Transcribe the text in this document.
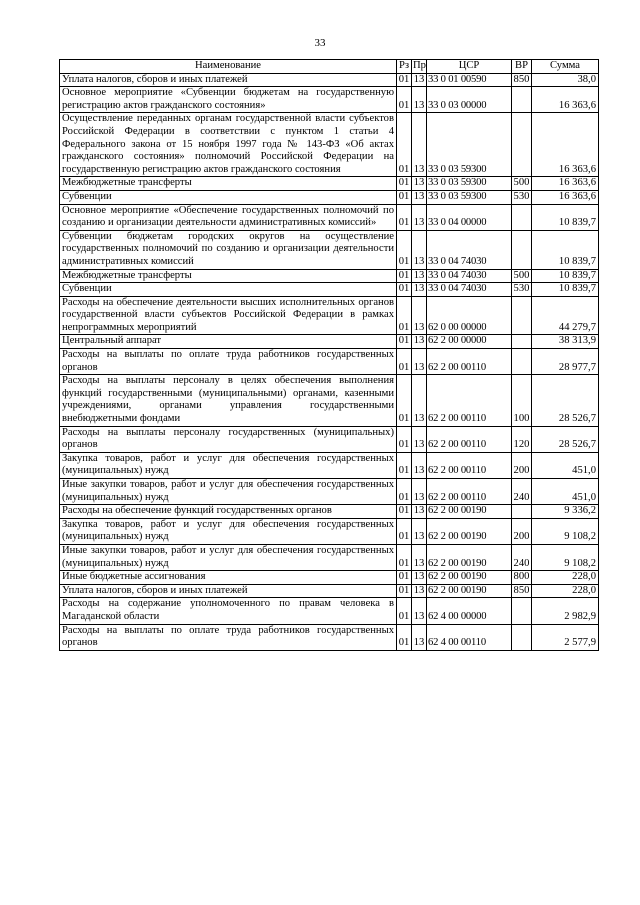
33
Наименование	Рз	Пр	ЦСР	ВР	Сумма
Уплата налогов, сборов и иных платежей	01	13	33 0 01 00590	850	38,0
Основное мероприятие «Субвенции бюджетам на государственную регистрацию актов гражданского состояния»	01	13	33 0 03 00000		16 363,6
Осуществление переданных органам государственной власти субъектов Российской Федерации в соответствии с пунктом 1 статьи 4 Федерального закона от 15 ноября 1997 года № 143-ФЗ «Об актах гражданского состояния» полномочий Российской Федерации на государственную регистрацию актов гражданского состояния	01	13	33 0 03 59300		16 363,6
Межбюджетные трансферты	01	13	33 0 03 59300	500	16 363,6
Субвенции	01	13	33 0 03 59300	530	16 363,6
Основное мероприятие «Обеспечение государственных полномочий по созданию и организации деятельности административных комиссий»	01	13	33 0 04 00000		10 839,7
Субвенции бюджетам городских округов на осуществление государственных полномочий по созданию и организации деятельности административных комиссий	01	13	33 0 04 74030		10 839,7
Межбюджетные трансферты	01	13	33 0 04 74030	500	10 839,7
Субвенции	01	13	33 0 04 74030	530	10 839,7
Расходы на обеспечение деятельности высших исполнительных органов государственной власти субъектов Российской Федерации в рамках непрограммных мероприятий	01	13	62 0 00 00000		44 279,7
Центральный аппарат	01	13	62 2 00 00000		38 313,9
Расходы на выплаты по оплате труда работников государственных органов	01	13	62 2 00 00110		28 977,7
Расходы на выплаты персоналу в целях обеспечения выполнения функций государственными (муниципальными) органами, казенными учреждениями, органами управления государственными внебюджетными фондами	01	13	62 2 00 00110	100	28 526,7
Расходы на выплаты персоналу государственных (муниципальных) органов	01	13	62 2 00 00110	120	28 526,7
Закупка товаров, работ и услуг для обеспечения государственных (муниципальных) нужд	01	13	62 2 00 00110	200	451,0
Иные закупки товаров, работ и услуг для обеспечения государственных (муниципальных) нужд	01	13	62 2 00 00110	240	451,0
Расходы на обеспечение функций государственных органов	01	13	62 2 00 00190		9 336,2
Закупка товаров, работ и услуг для обеспечения государственных (муниципальных) нужд	01	13	62 2 00 00190	200	9 108,2
Иные закупки товаров, работ и услуг для обеспечения государственных (муниципальных) нужд	01	13	62 2 00 00190	240	9 108,2
Иные бюджетные ассигнования	01	13	62 2 00 00190	800	228,0
Уплата налогов, сборов и иных платежей	01	13	62 2 00 00190	850	228,0
Расходы на содержание уполномоченного по правам человека в Магаданской области	01	13	62 4 00 00000		2 982,9
Расходы на выплаты по оплате труда работников государственных органов	01	13	62 4 00 00110		2 577,9
